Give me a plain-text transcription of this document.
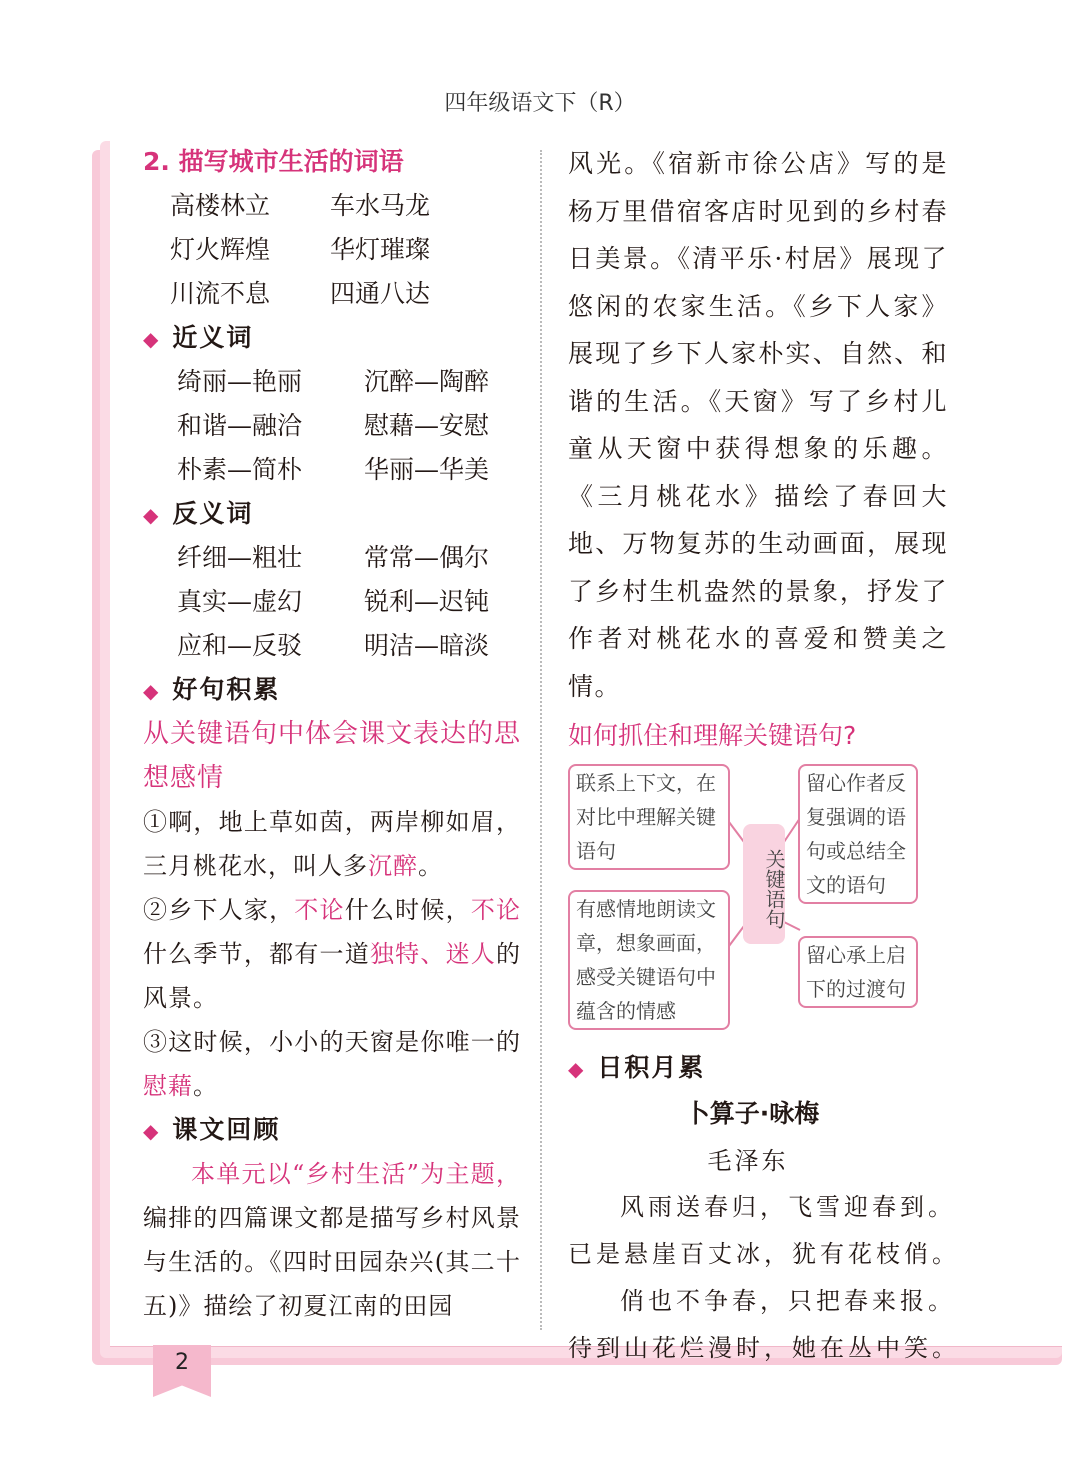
四年级语文下（R）
2
2. 描写城市生活的词语
高楼林立	车水马龙
灯火辉煌	华灯璀璨
川流不息	四通八达
◆ 近义词
绮丽—艳丽	沉醉—陶醉
和谐—融洽	慰藉—安慰
朴素—简朴	华丽—华美
◆ 反义词
纤细—粗壮	常常—偶尔
真实—虚幻	锐利—迟钝
应和—反驳	明洁—暗淡
◆ 好句积累
从关键语句中体会课文表达的思想感情
①啊，地上草如茵，两岸柳如眉，三月桃花水，叫人多沉醉。
②乡下人家，不论什么时候，不论什么季节，都有一道独特、迷人的风景。
③这时候，小小的天窗是你唯一的慰藉。
◆ 课文回顾
本单元以“乡村生活”为主题，编排的四篇课文都是描写乡村风景与生活的。《四时田园杂兴(其二十五)》描绘了初夏江南的田园
风光。《宿新市徐公店》写的是杨万里借宿客店时见到的乡村春日美景。《清平乐·村居》展现了悠闲的农家生活。《乡下人家》展现了乡下人家朴实、自然、和谐的生活。《天窗》写了乡村儿童从天窗中获得想象的乐趣。《三月桃花水》描绘了春回大地、万物复苏的生动画面，展现了乡村生机盎然的景象，抒发了作者对桃花水的喜爱和赞美之情。
如何抓住和理解关键语句?
联系上下文，在对比中理解关键语句
留心作者反复强调的语句或总结全文的语句
有感情地朗读文章，想象画面，感受关键语句中蕴含的情感
留心承上启下的过渡句
关键语句
◆ 日积月累
卜算子·咏梅
毛泽东
风雨送春归，飞雪迎春到。
已是悬崖百丈冰，犹有花枝俏。
俏也不争春，只把春来报。
待到山花烂漫时，她在丛中笑。
